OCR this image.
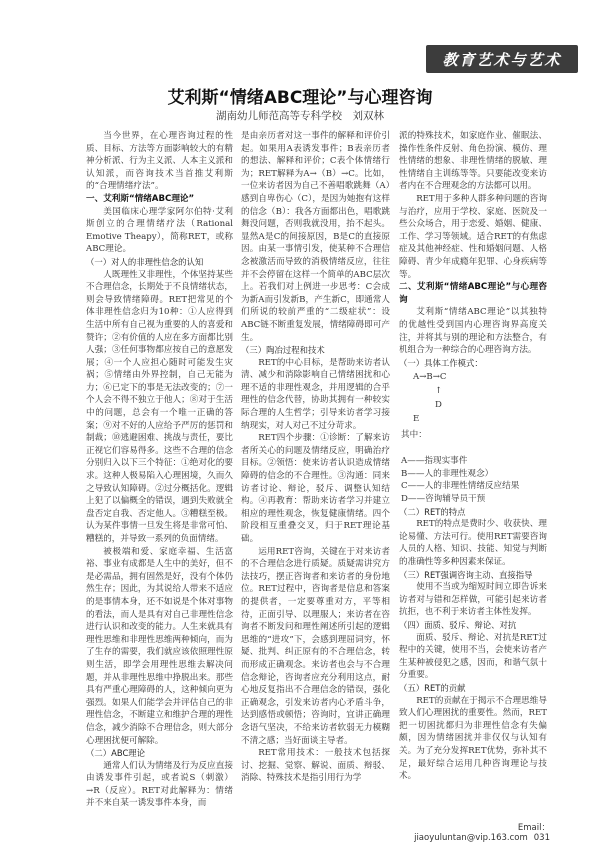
教育艺术与艺术
艾利斯“情绪ABC理论”与心理咨询
湖南幼儿师范高等专科学校　刘双林

当今世界，在心理咨询过程的性质、目标、方法等方面影响较大的有精神分析派、行为主义派、人本主义派和认知派，而咨询技术当首推艾利斯的“合理情绪疗法”。

一、艾利斯“情绪ABC理论”

美国临床心理学家阿尔伯特·艾利斯创立的合理情绪疗法（Rational Emotive Theapy），简称RET，或称ABC理论。

（一）对人的非理性信念的认知

人既理性又非理性，个体坚持某些不合理信念，长期处于不良情绪状态，则会导致情绪障碍。RET把常见的个体非理性信念归为10种：①人应得到生活中所有自己视为重要的人的喜爱和赞许；②有价值的人应在多方面都比别人强；③任何事物都应按自己的意愿发展；④一个人应担心随时可能发生灾祸；⑤情绪由外界控制，自己无能为力；⑥已定下的事是无法改变的；⑦一个人会不得不独立于他人；⑧对于生活中的问题，总会有一个唯一正确的答案；⑨对不好的人应给予严厉的惩罚和制裁；⑩逃避困难、挑战与责任，要比正视它们容易得多。这些不合理的信念分别归入以下三个特征：①绝对化的要求。这种人极易陷入心理困境，久而久之导致认知障碍。②过分概括化。逻辑上犯了以偏概全的错误，遇到失败就全盘否定自我、否定他人。③糟糕至极。认为某件事情一旦发生将是非常可怕、糟糕的，并导致一系列的负面情绪。

被极端和爱、家庭幸福、生活富裕、事业有成都是人生中的美好，但不是必需品，拥有固然是好，没有个体仍然生存；因此，为其说给人带来不适应的是事情本身，还不如说是个体对事物的看法，而人是具有对自己非理性信念进行认识和改变的能力。人生来就具有理性思维和非理性思维两种倾向，而为了生存的需要，我们就应该依照理性原则生活，即学会用理性思维去解决问题，并从非理性思维中挣脱出来。那些具有严重心理障碍的人，这种倾向更为强烈。如果人们能学会并评估自己的非理性信念，不断建立和维护合理的理性信念，减少消除不合理信念，则大部分心理困扰便可解除。

（二）ABC理论

通常人们认为情绪及行为反应直接由诱发事件引起，或者说S（刺激）→R（反应）。RET对此解释为：情绪并不来自某一诱发事件本身，而

是由亲历者对这一事件的解释和评价引起。如果用A表诱发事件；B表亲历者的想法、解释和评价；C表个体情绪行为；RET解释为A→（B）→C。比如，一位来访者因为自己不善唱歌跳舞（A）感到自卑伤心（C），是因为她抱有这样的信念（B）：我各方面都出色，唱歌跳舞没问题，否则我就没用，抬不起头。显然A是C的间接原因，B是C的直接原因。由某一事情引发，使某种不合理信念被激活而导致的消极情绪反应，往往并不会停留在这样一个简单的ABC层次上。若我们对上例进一步思考：C会成为新A而引发新B，产生新C，即通常人们所说的较前严重的“二级症状”：设ABC链不断重复发展，情绪障碍即可产生。

（三）陶冶过程和技术

RET的中心目标，是帮助来访者认清、减少和消除影响自己情绪困扰和心理不适的非理性观念，并用逻辑的合乎理性的信念代替，协助其拥有一种较实际合理的人生哲学；引导来访者学习接纳现实，对人对己不过分苛求。

RET四个步骤：①诊断：了解来访者所关心的问题及情绪反应，明确治疗目标。②领悟：使来访者认识造成情绪障碍的信念的不合理性。③沟通：同来访者讨论、辩论，驳斥、调整认知结构。④再教育：帮助来访者学习并建立相应的理性观念，恢复健康情绪。四个阶段相互重叠交叉，归于RET理论基础。

运用RET咨询，关键在于对来访者的不合理信念进行质疑。质疑需讲究方法技巧，摆正咨询者和来访者的身份地位。RET过程中，咨询者是信息和答案的提供者，一定要尊重对方，平等相待，正面引导、以理服人；来访者在咨询者不断发问和理性阐述所引起的逻辑思维的“进攻”下，会感到理屈词穷，怀疑、批判、纠正原有的不合理信念，转而形成正确观念。来访者也会与不合理信念辩论，咨询者应充分利用这点，耐心地反复指出不合理信念的错误，强化正确观念，引发来访者内心矛盾斗争，达到感悟或顿悟；咨询时，宜讲正确理念语气坚决，不给来访者软弱无力模糊不清之感；当好面谈主导者。

RET常用技术：一般技术包括探讨、挖掘、觉察、解说、面质、辩驳、消除、特殊技术是指引用行为学

派的特殊技术，如家庭作业、催眠法、操作性条件反射、角色扮演、模仿、理性情绪的想象、非理性情绪的脱敏、理性情绪自主训练等等。只要能改变来访者内在不合理观念的方法都可以用。

RET用于多种人群多种问题的咨询与治疗，应用于学校、家庭、医院及一些公众场合，用于恋爱、婚姻、健康、工作、学习等领域。适合RET的有焦虑症及其他神经症、性和婚姻问题、人格障碍、青少年成瘾年犯罪、心身疾病等等。

二、艾利斯“情绪ABC理论”与心理咨询

艾利斯“情绪ABC理论”以其独特的优越性受到国内心理咨询界高度关注，并将其与别的理论和方法整合，有机组合为一种综合的心理咨询方法。

（一）具体工作模式：

A→B→C
↑
D
E
其中：

A——指现实事件

B——人的非理性观念）

C——人的非理性情绪反应结果

D——咨询辅导员干预

（二）RET的特点

RET的特点是费时少、收获快、理论易懂、方法可行。使用RET需要咨询人员的人格、知识、技能、知觉与判断的准确性等多种因素来保证。

（三）RET强调咨询主动、直接指导

使用不当或为缩短时间立即告诉来访者对与错和怎样做，可能引起来访者抗拒，也不利于来访者主体性发挥。

（四）面质、驳斥、辩论、对抗

面质、驳斥、辩论、对抗是RET过程中的关键，使用不当，会使来访者产生某种被侵犯之感，因而，和谐气氛十分重要。

（五）RET的贡献

RET的贡献在于揭示不合理思维导致人们心理困扰的重要性。然而，RET把一切困扰都归为非理性信念有失偏颇，因为情绪困扰并非仅仅与认知有关。为了充分发挥RET优势，弥补其不足，最好综合运用几种咨询理论与技术。

Email：jiaoyuluntan@vip.163.com 031
